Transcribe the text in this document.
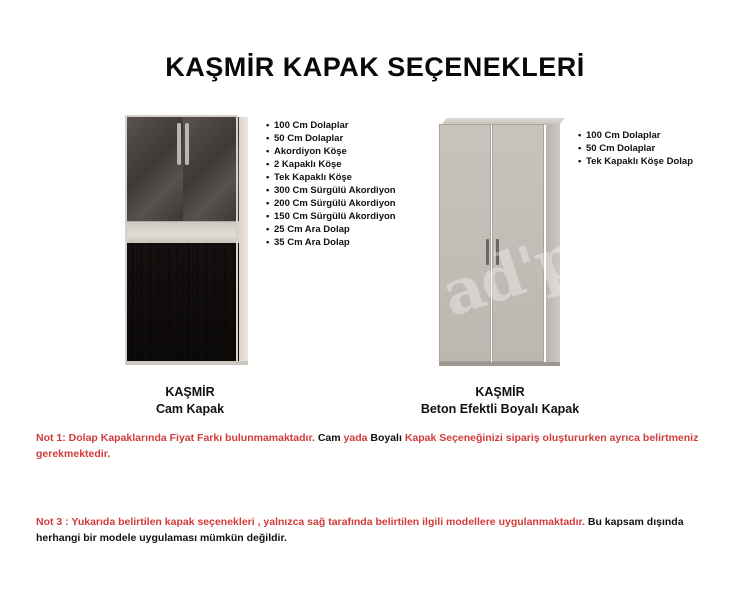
KAŞMİR KAPAK SEÇENEKLERİ
• 100 Cm Dolaplar
• 50 Cm Dolaplar
• Akordiyon Köşe
• 2 Kapaklı Köşe
• Tek Kapaklı Köşe
• 300 Cm Sürgülü Akordiyon
• 200 Cm Sürgülü Akordiyon
• 150 Cm Sürgülü Akordiyon
• 25 Cm Ara Dolap
• 35 Cm Ara Dolap	ad'pp
• 100 Cm Dolaplar
• 50 Cm Dolaplar
• Tek Kapaklı Köşe Dolap
KAŞMİR
Cam Kapak
KAŞMİR
Beton Efektli Boyalı Kapak
Not 1: Dolap Kapaklarında Fiyat Farkı bulunmamaktadır. Cam yada Boyalı Kapak Seçeneğinizi sipariş oluştururken ayrıca belirtmeniz gerekmektedir.
Not 3 : Yukarıda belirtilen kapak seçenekleri , yalnızca sağ tarafında belirtilen ilgili modellere uygulanmaktadır. Bu kapsam dışında herhangi bir modele uygulaması mümkün değildir.
